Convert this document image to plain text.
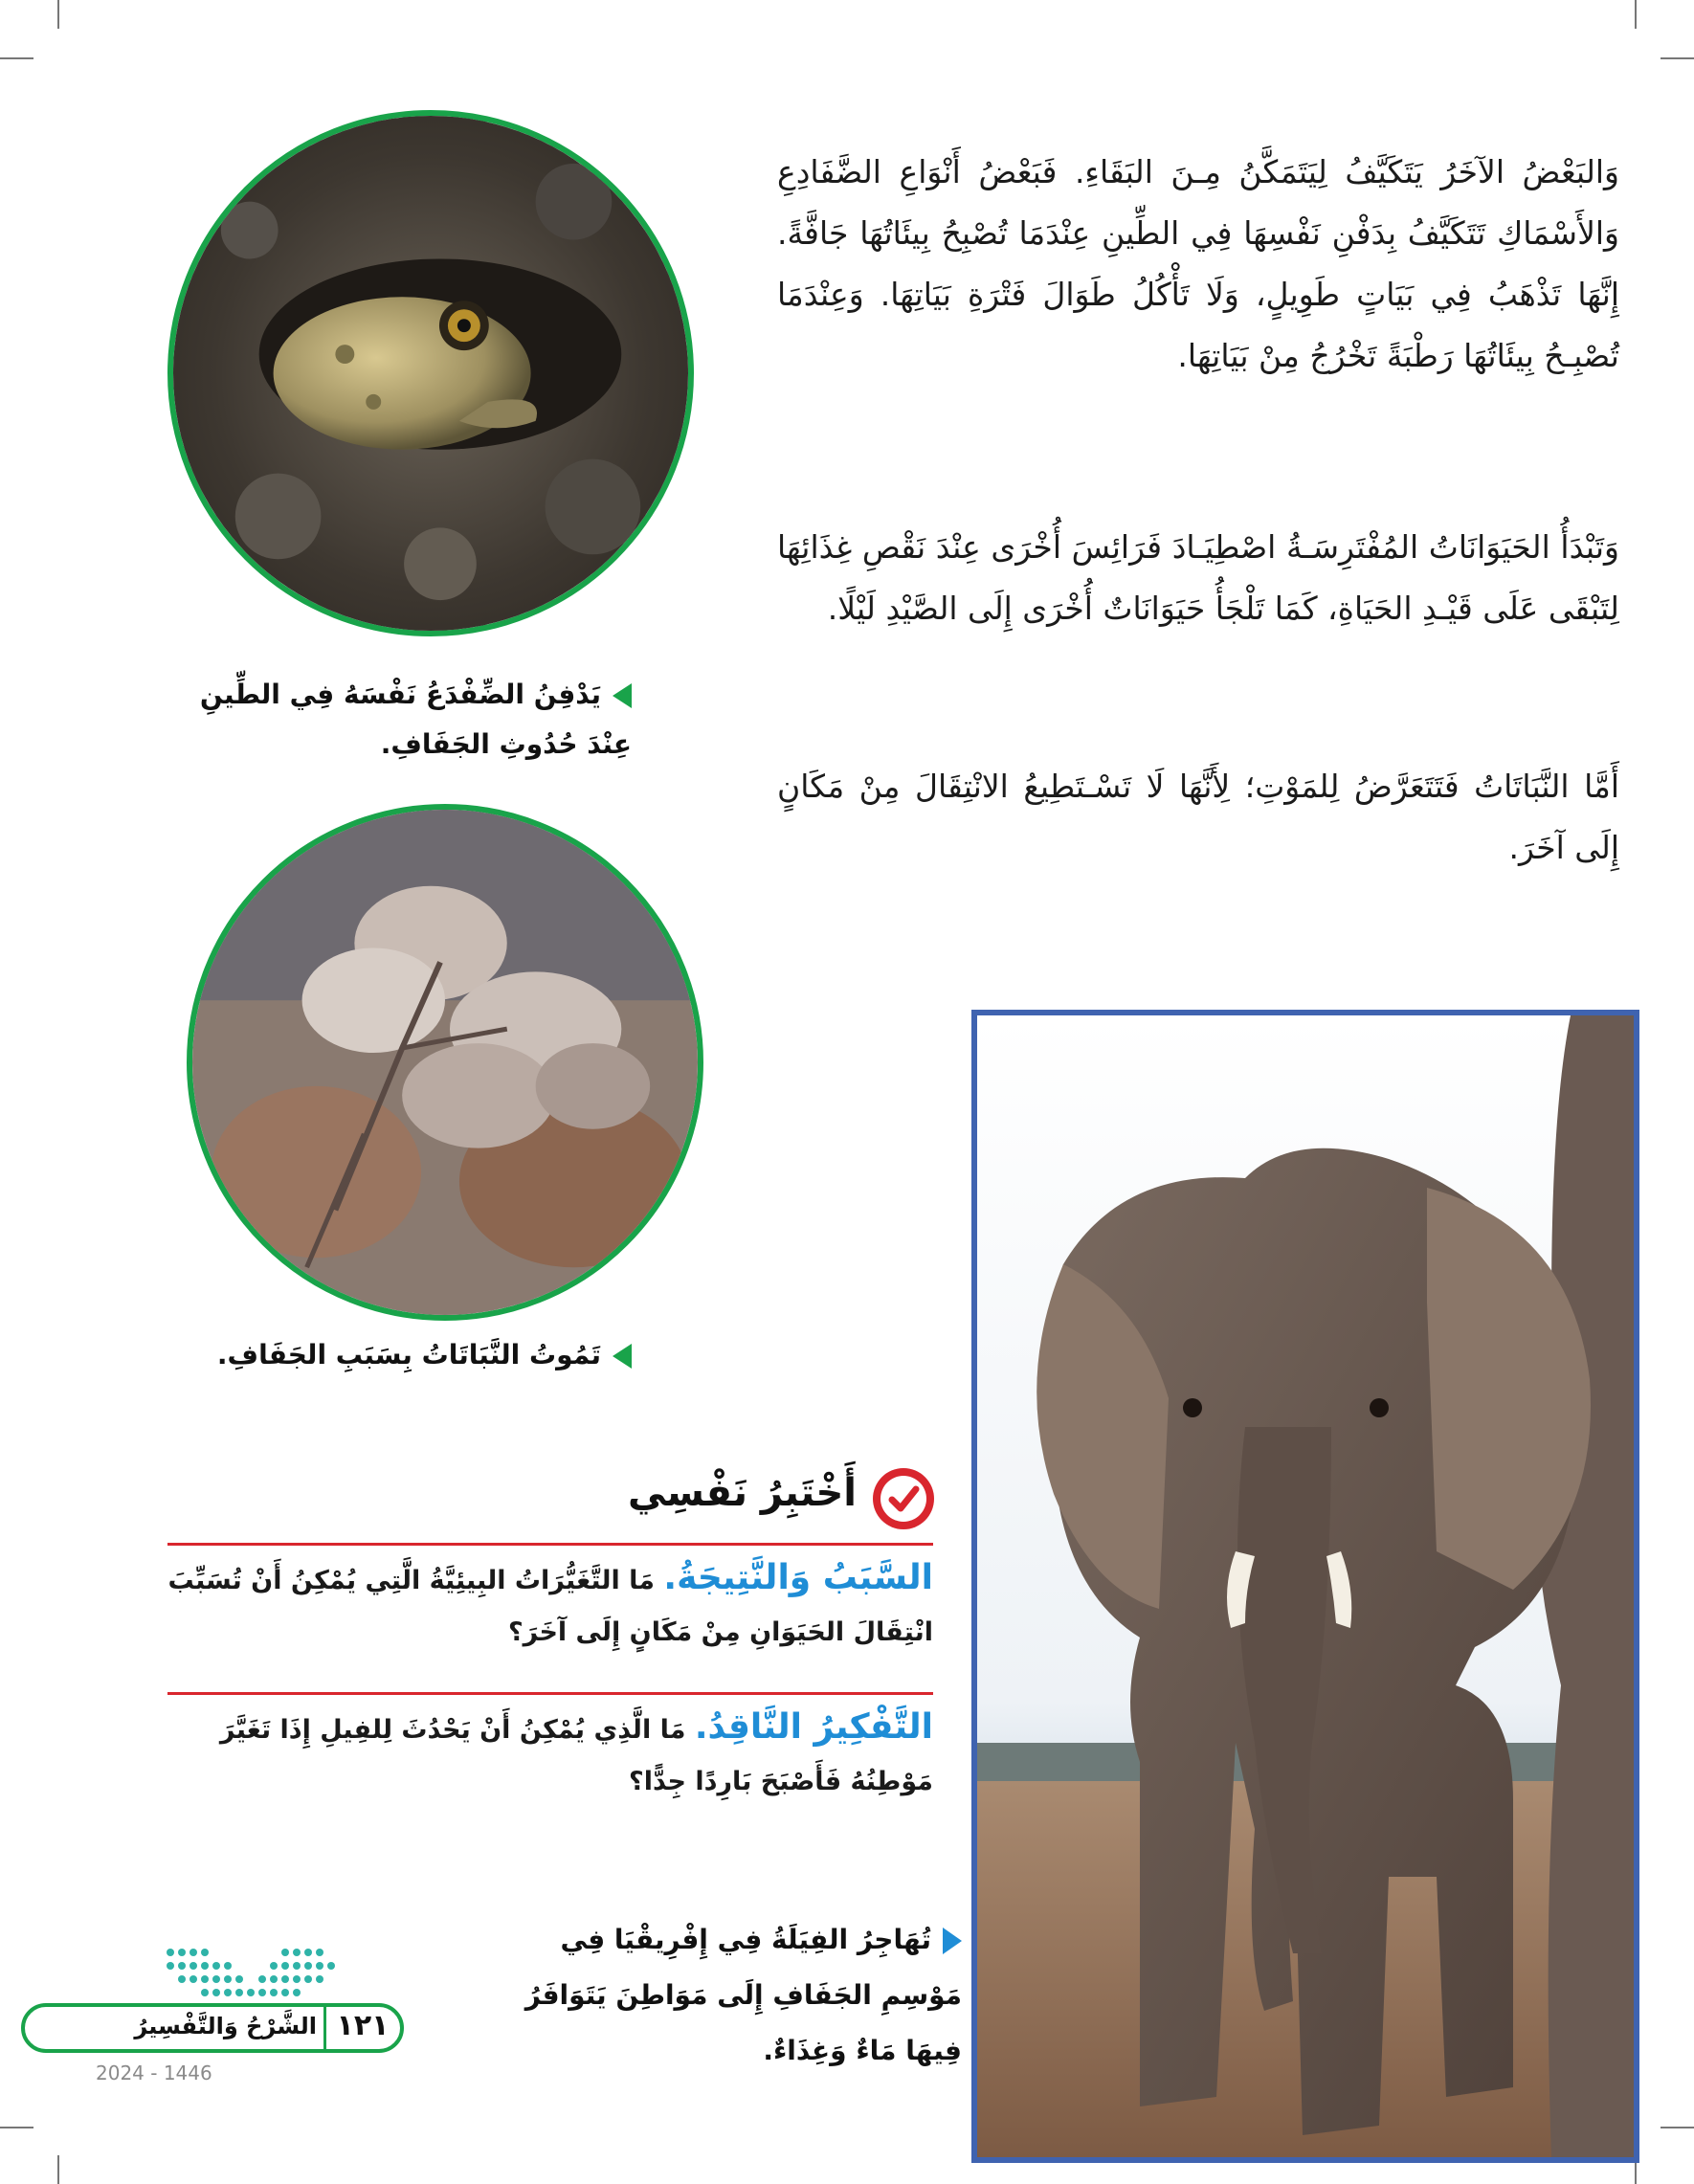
وَالبَعْضُ الآخَرُ يَتَكَيَّفُ لِيَتَمَكَّنُ مِـنَ البَقَاءِ. فَبَعْضُ أَنْوَاعِ الضَّفَادِعِ وَالأَسْمَاكِ تَتَكَيَّفُ بِدَفْنِ نَفْسِهَا فِي الطِّينِ عِنْدَمَا تُصْبِحُ بِيئَاتُهَا جَافَّةً. إِنَّهَا تَذْهَبُ فِي بَيَاتٍ طَوِيلٍ، وَلَا تَأْكُلُ طَوَالَ فَتْرَةِ بَيَاتِهَا. وَعِنْدَمَا تُصْبِـحُ بِيئَاتُهَا رَطْبَةً تَخْرُجُ مِنْ بَيَاتِهَا.

وَتَبْدَأُ الحَيَوَانَاتُ المُفْتَرِسَـةُ اصْطِيَـادَ فَرَائِسَ أُخْرَى عِنْدَ نَقْصِ غِذَائِهَا لِتَبْقَى عَلَى قَيْـدِ الحَيَاةِ، كَمَا تَلْجَأُ حَيَوَانَاتٌ أُخْرَى إِلَى الصَّيْدِ لَيْلًا.

أَمَّا النَّبَاتَاتُ فَتَتَعَرَّضُ لِلمَوْتِ؛ لِأَنَّهَا لَا تَسْـتَطِيعُ الانْتِقَالَ مِنْ مَكَانٍ إِلَى آخَرَ.

يَدْفِنُ الضِّفْدَعُ نَفْسَهُ فِي الطِّينِ عِنْدَ حُدُوثِ الجَفَافِ.
تَمُوتُ النَّبَاتَاتُ بِسَبَبِ الجَفَافِ.
أَخْتَبِرُ نَفْسِي
السَّبَبُ وَالنَّتِيجَةُ. مَا التَّغَيُّرَاتُ البِيئِيَّةُ الَّتِي يُمْكِنُ أَنْ تُسَبِّبَ انْتِقَالَ الحَيَوَانِ مِنْ مَكَانٍ إِلَى آخَرَ؟
التَّفْكِيرُ النَّاقِدُ. مَا الَّذِي يُمْكِنُ أَنْ يَحْدُثَ لِلفِيلِ إِذَا تَغَيَّرَ مَوْطِنُهُ فَأَصْبَحَ بَارِدًا جِدًّا؟
تُهَاجِرُ الفِيَلَةُ فِي إِفْرِيقْيَا فِي مَوْسِمِ الجَفَافِ إِلَى مَوَاطِنَ يَتَوَافَرُ فِيهَا مَاءٌ وَغِذَاءٌ.
الشَّرْحُ وَالتَّفْسِيرُ ١٢١
2024 - 1446
